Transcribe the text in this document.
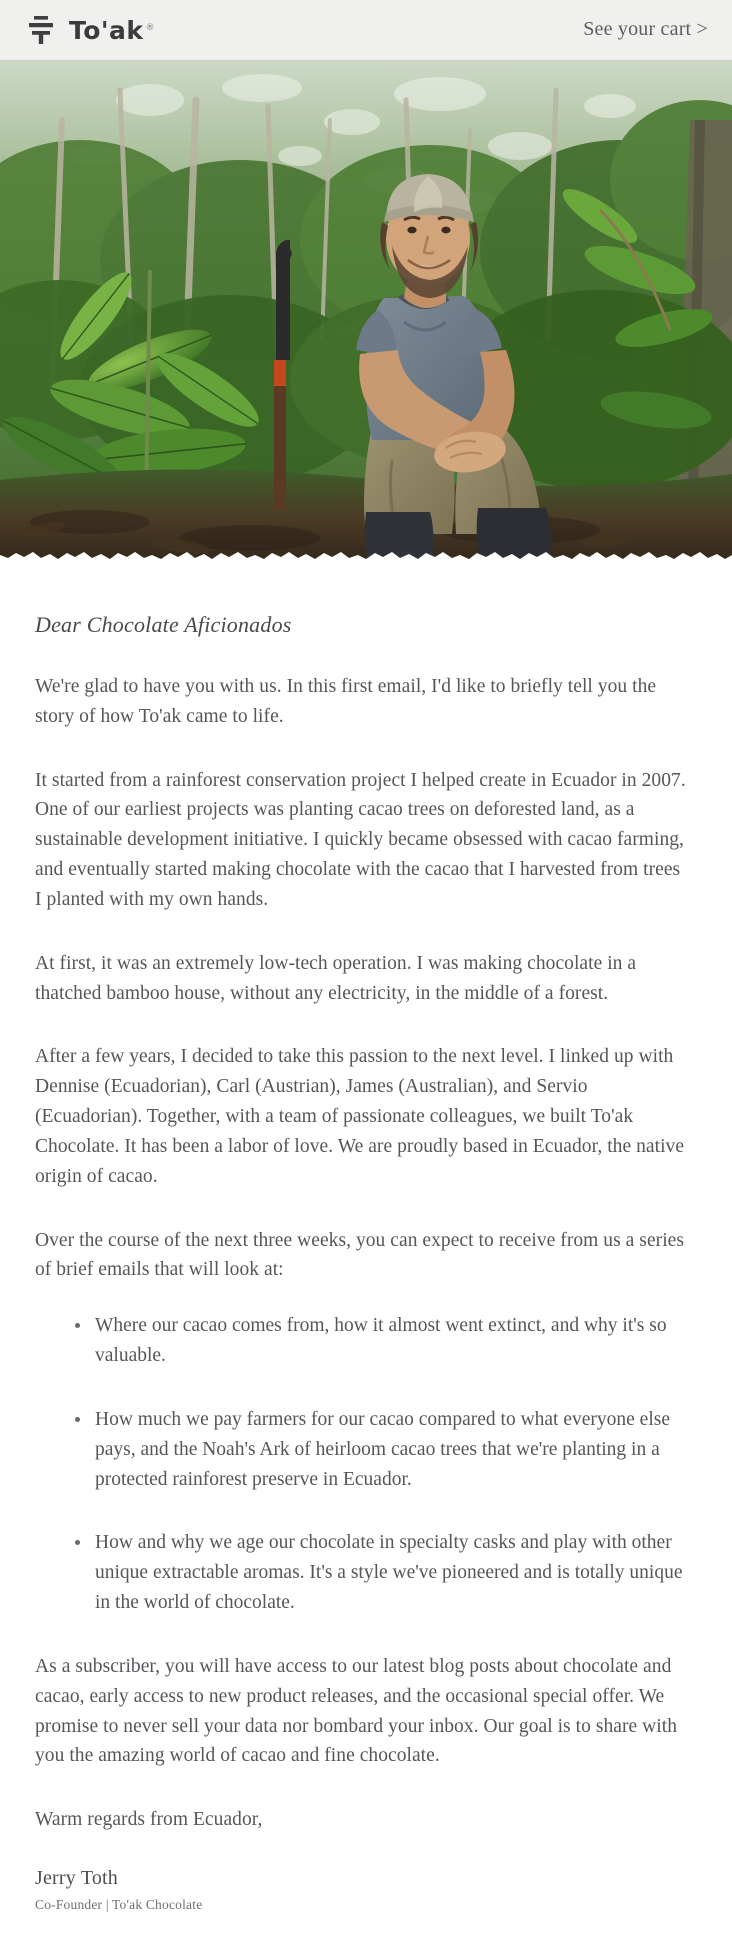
To'ak ®	See your cart >
Dear Chocolate Aficionados

We're glad to have you with us. In this first email, I'd like to briefly tell you the story of how To'ak came to life.

It started from a rainforest conservation project I helped create in Ecuador in 2007. One of our earliest projects was planting cacao trees on deforested land, as a sustainable development initiative. I quickly became obsessed with cacao farming, and eventually started making chocolate with the cacao that I harvested from trees I planted with my own hands.

At first, it was an extremely low-tech operation. I was making chocolate in a thatched bamboo house, without any electricity, in the middle of a forest.

After a few years, I decided to take this passion to the next level. I linked up with Dennise (Ecuadorian), Carl (Austrian), James (Australian), and Servio (Ecuadorian). Together, with a team of passionate colleagues, we built To'ak Chocolate. It has been a labor of love. We are proudly based in Ecuador, the native origin of cacao.

Over the course of the next three weeks, you can expect to receive from us a series of brief emails that will look at:

Where our cacao comes from, how it almost went extinct, and why it's so valuable.
How much we pay farmers for our cacao compared to what everyone else pays, and the Noah's Ark of heirloom cacao trees that we're planting in a protected rainforest preserve in Ecuador.
How and why we age our chocolate in specialty casks and play with other unique extractable aromas. It's a style we've pioneered and is totally unique in the world of chocolate.

As a subscriber, you will have access to our latest blog posts about chocolate and cacao, early access to new product releases, and the occasional special offer. We promise to never sell your data nor bombard your inbox. Our goal is to share with you the amazing world of cacao and fine chocolate.

Warm regards from Ecuador,

Jerry Toth
Co-Founder | To'ak Chocolate
